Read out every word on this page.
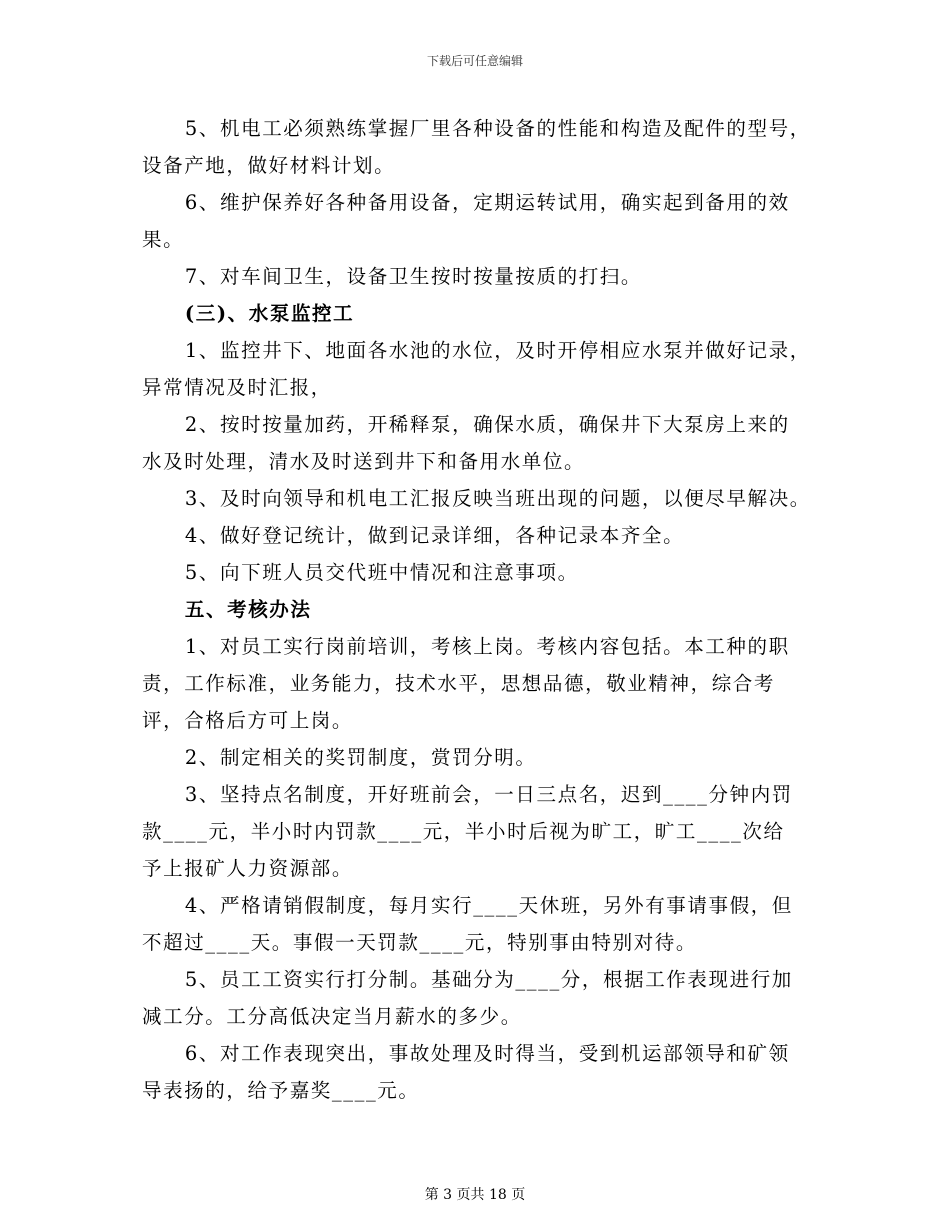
下载后可任意编辑

5、机电工必须熟练掌握厂里各种设备的性能和构造及配件的型号，
设备产地，做好材料计划。

6、维护保养好各种备用设备，定期运转试用，确实起到备用的效
果。

7、对车间卫生，设备卫生按时按量按质的打扫。

(三)、水泵监控工

1、监控井下、地面各水池的水位，及时开停相应水泵并做好记录，
异常情况及时汇报，

2、按时按量加药，开稀释泵，确保水质，确保井下大泵房上来的
水及时处理，清水及时送到井下和备用水单位。

3、及时向领导和机电工汇报反映当班出现的问题，以便尽早解决。

4、做好登记统计，做到记录详细，各种记录本齐全。

5、向下班人员交代班中情况和注意事项。

五、考核办法

1、对员工实行岗前培训，考核上岗。考核内容包括。本工种的职
责，工作标准，业务能力，技术水平，思想品德，敬业精神，综合考
评，合格后方可上岗。

2、制定相关的奖罚制度，赏罚分明。

3、坚持点名制度，开好班前会，一日三点名，迟到____分钟内罚
款____元，半小时内罚款____元，半小时后视为旷工，旷工____次给
予上报矿人力资源部。

4、严格请销假制度，每月实行____天休班，另外有事请事假，但
不超过____天。事假一天罚款____元，特别事由特别对待。

5、员工工资实行打分制。基础分为____分，根据工作表现进行加
减工分。工分高低决定当月薪水的多少。

6、对工作表现突出，事故处理及时得当，受到机运部领导和矿领
导表扬的，给予嘉奖____元。

第 3 页共 18 页
